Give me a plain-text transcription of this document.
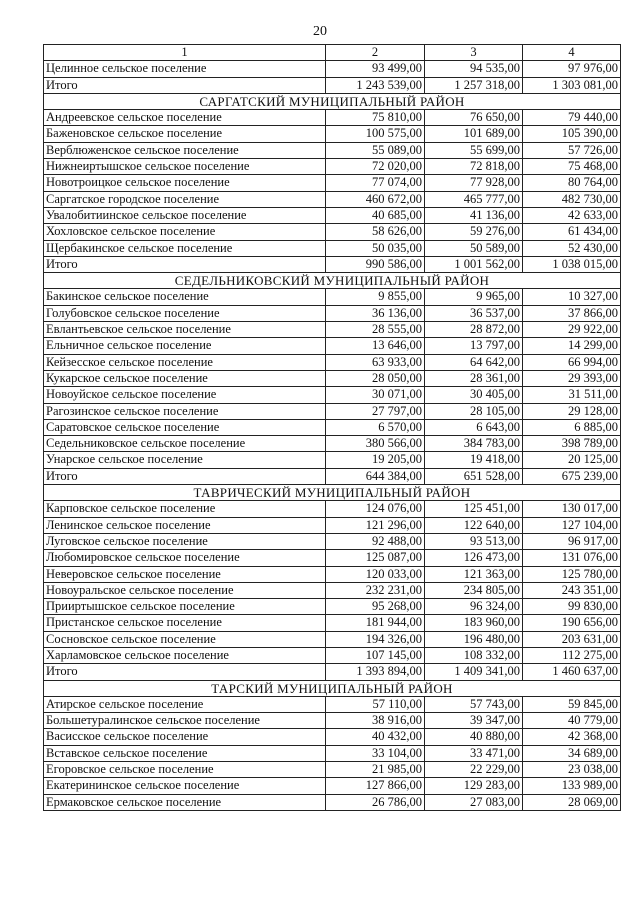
20
1	2	3	4
Целинное сельское поселение	93 499,00	94 535,00	97 976,00
Итого	1 243 539,00	1 257 318,00	1 303 081,00
САРГАТСКИЙ МУНИЦИПАЛЬНЫЙ РАЙОН			
Андреевское сельское поселение	75 810,00	76 650,00	79 440,00
Баженовское сельское поселение	100 575,00	101 689,00	105 390,00
Верблюженское сельское поселение	55 089,00	55 699,00	57 726,00
Нижнеиртышское сельское поселение	72 020,00	72 818,00	75 468,00
Новотроицкое сельское поселение	77 074,00	77 928,00	80 764,00
Саргатское городское поселение	460 672,00	465 777,00	482 730,00
Увалобитиинское сельское поселение	40 685,00	41 136,00	42 633,00
Хохловское сельское поселение	58 626,00	59 276,00	61 434,00
Щербакинское сельское поселение	50 035,00	50 589,00	52 430,00
Итого	990 586,00	1 001 562,00	1 038 015,00
СЕДЕЛЬНИКОВСКИЙ МУНИЦИПАЛЬНЫЙ РАЙОН			
Бакинское сельское поселение	9 855,00	9 965,00	10 327,00
Голубовское сельское поселение	36 136,00	36 537,00	37 866,00
Евлантьевское сельское поселение	28 555,00	28 872,00	29 922,00
Ельничное сельское поселение	13 646,00	13 797,00	14 299,00
Кейзесское сельское поселение	63 933,00	64 642,00	66 994,00
Кукарское сельское поселение	28 050,00	28 361,00	29 393,00
Новоуйское сельское поселение	30 071,00	30 405,00	31 511,00
Рагозинское сельское поселение	27 797,00	28 105,00	29 128,00
Саратовское сельское поселение	6 570,00	6 643,00	6 885,00
Седельниковское сельское поселение	380 566,00	384 783,00	398 789,00
Унарское сельское поселение	19 205,00	19 418,00	20 125,00
Итого	644 384,00	651 528,00	675 239,00
ТАВРИЧЕСКИЙ МУНИЦИПАЛЬНЫЙ РАЙОН			
Карповское сельское поселение	124 076,00	125 451,00	130 017,00
Ленинское сельское поселение	121 296,00	122 640,00	127 104,00
Луговское сельское поселение	92 488,00	93 513,00	96 917,00
Любомировское сельское поселение	125 087,00	126 473,00	131 076,00
Неверовское сельское поселение	120 033,00	121 363,00	125 780,00
Новоуральское сельское поселение	232 231,00	234 805,00	243 351,00
Прииртышское сельское поселение	95 268,00	96 324,00	99 830,00
Пристанское сельское поселение	181 944,00	183 960,00	190 656,00
Сосновское сельское поселение	194 326,00	196 480,00	203 631,00
Харламовское сельское поселение	107 145,00	108 332,00	112 275,00
Итого	1 393 894,00	1 409 341,00	1 460 637,00
ТАРСКИЙ МУНИЦИПАЛЬНЫЙ РАЙОН			
Атирское сельское поселение	57 110,00	57 743,00	59 845,00
Большетуралинское сельское поселение	38 916,00	39 347,00	40 779,00
Васисское сельское поселение	40 432,00	40 880,00	42 368,00
Вставское сельское поселение	33 104,00	33 471,00	34 689,00
Егоровское сельское поселение	21 985,00	22 229,00	23 038,00
Екатерининское сельское поселение	127 866,00	129 283,00	133 989,00
Ермаковское сельское поселение	26 786,00	27 083,00	28 069,00
